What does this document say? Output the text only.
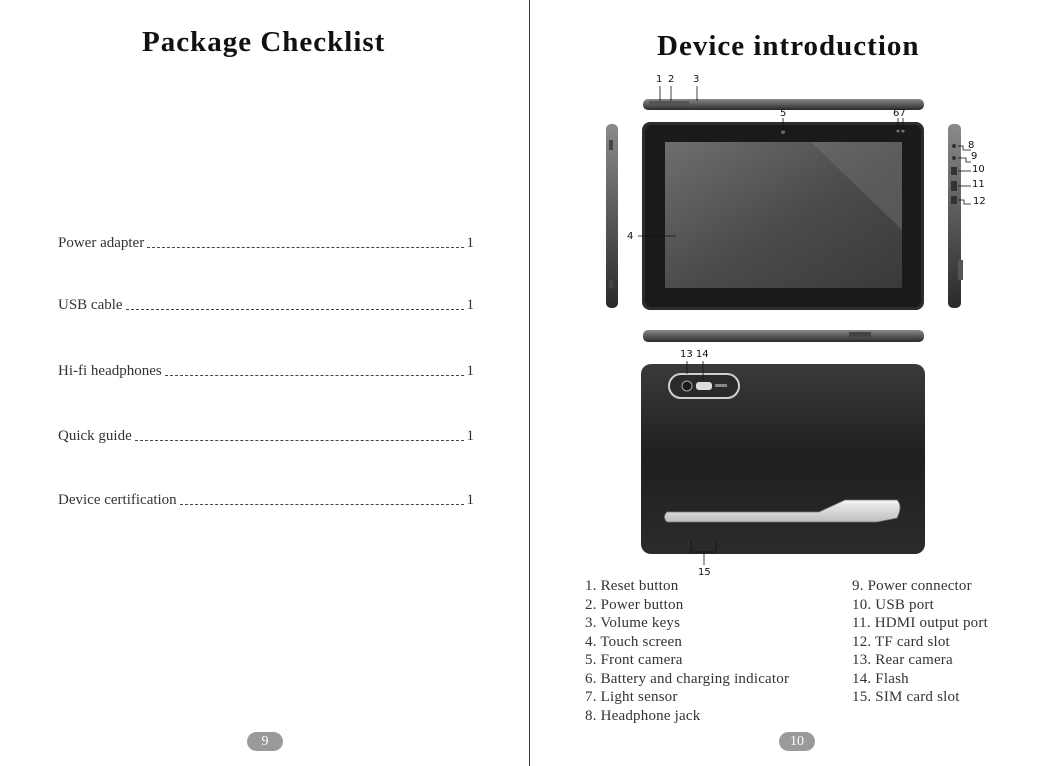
Package Checklist
Power adapter	1
USB cable	1
Hi-fi headphones	1
Quick guide	1
Device certification	1
9
Device introduction
1 2 3
4
5	67
8
9
10
11
12
13 14
15
1. Reset button
2. Power button
3. Volume keys
4. Touch screen
5. Front camera
6. Battery and charging indicator
7. Light sensor
8. Headphone jack
9. Power connector
10. USB port
11. HDMI output port
12. TF card slot
13. Rear camera
14. Flash
15. SIM card slot
10
